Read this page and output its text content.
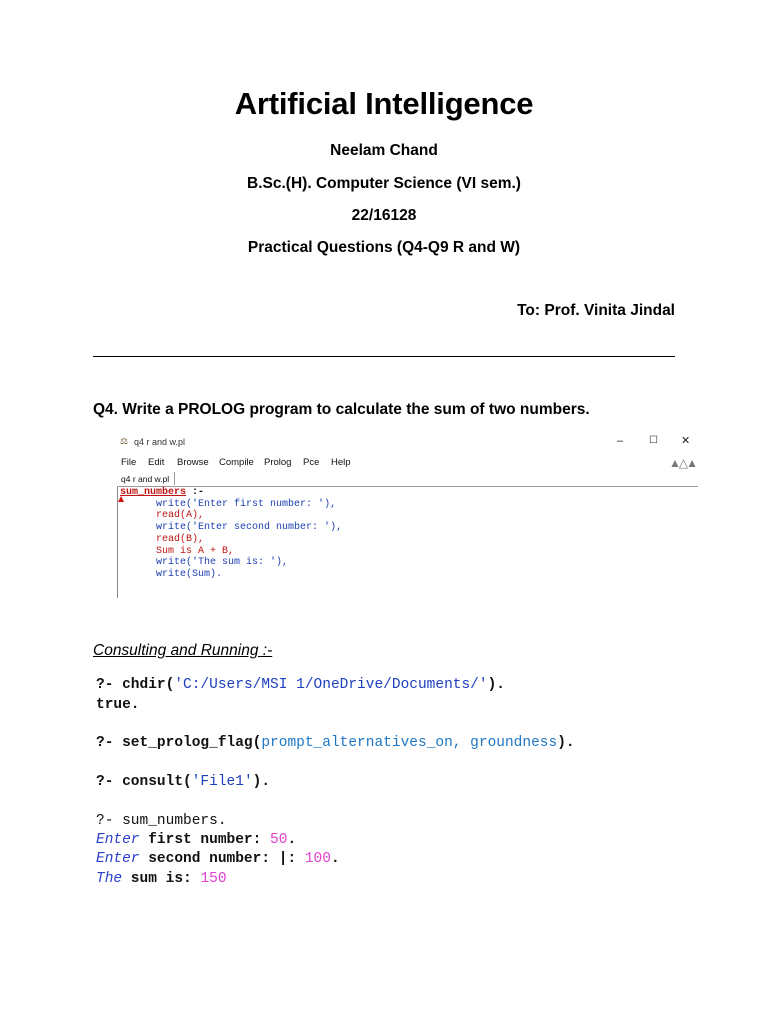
Artificial Intelligence
Neelam Chand
B.Sc.(H). Computer Science (VI sem.)
22/16128
Practical Questions (Q4-Q9 R and W)
To: Prof. Vinita Jindal
Q4. Write a PROLOG program to calculate the sum of two numbers.
⚖ q4 r and w.pl	–	☐ ✕
File Edit Browse Compile Prolog Pce Help	▲△▲
q4 r and w.pl
sum_numbers :-
write('Enter first number: '),
read(A),
write('Enter second number: '),
read(B),
Sum is A + B,
write('The sum is: '),
write(Sum).
Consulting and Running :-

?- chdir('C:/Users/MSI 1/OneDrive/Documents/').

true.

?- set_prolog_flag(prompt_alternatives_on, groundness).

?- consult('File1').

?- sum_numbers.

Enter first number: 50.

Enter second number: |: 100.

The sum is: 150
